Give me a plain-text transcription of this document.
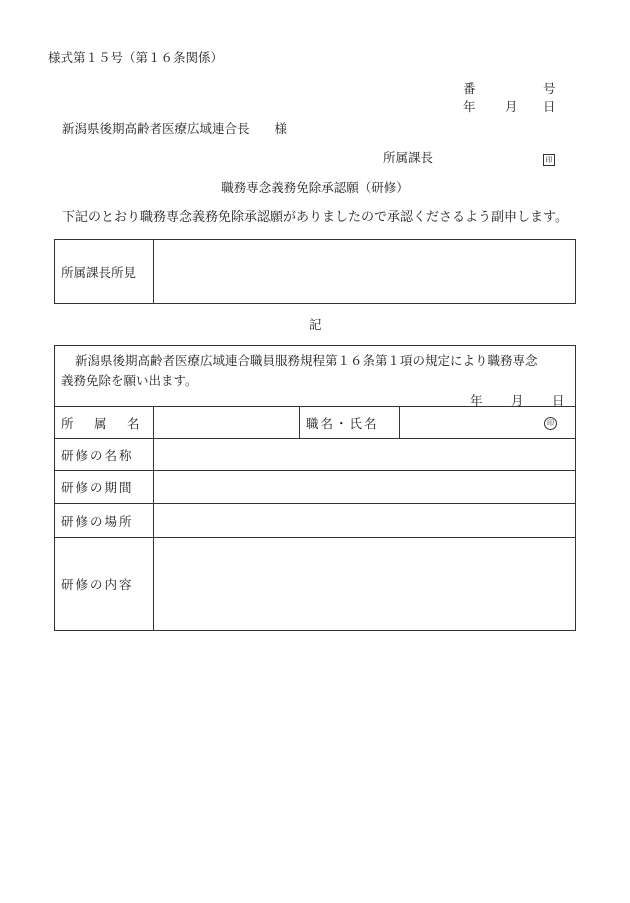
様式第１５号（第１６条関係）
番	号
年 月 日
新潟県後期高齢者医療広域連合長　　様
所属課長	印
職務専念義務免除承認願（研修）
下記のとおり職務専念義務免除承認願がありましたので承認くださるよう副申します。
所属課長所見	
記
新潟県後期高齢者医療広域連合職員服務規程第１６条第１項の規定により職務専念
義務免除を願い出ます。
年 月 日			

所　属　名		職名・氏名	印

研修の名称			
研修の期間			
研修の場所			
研修の内容			
